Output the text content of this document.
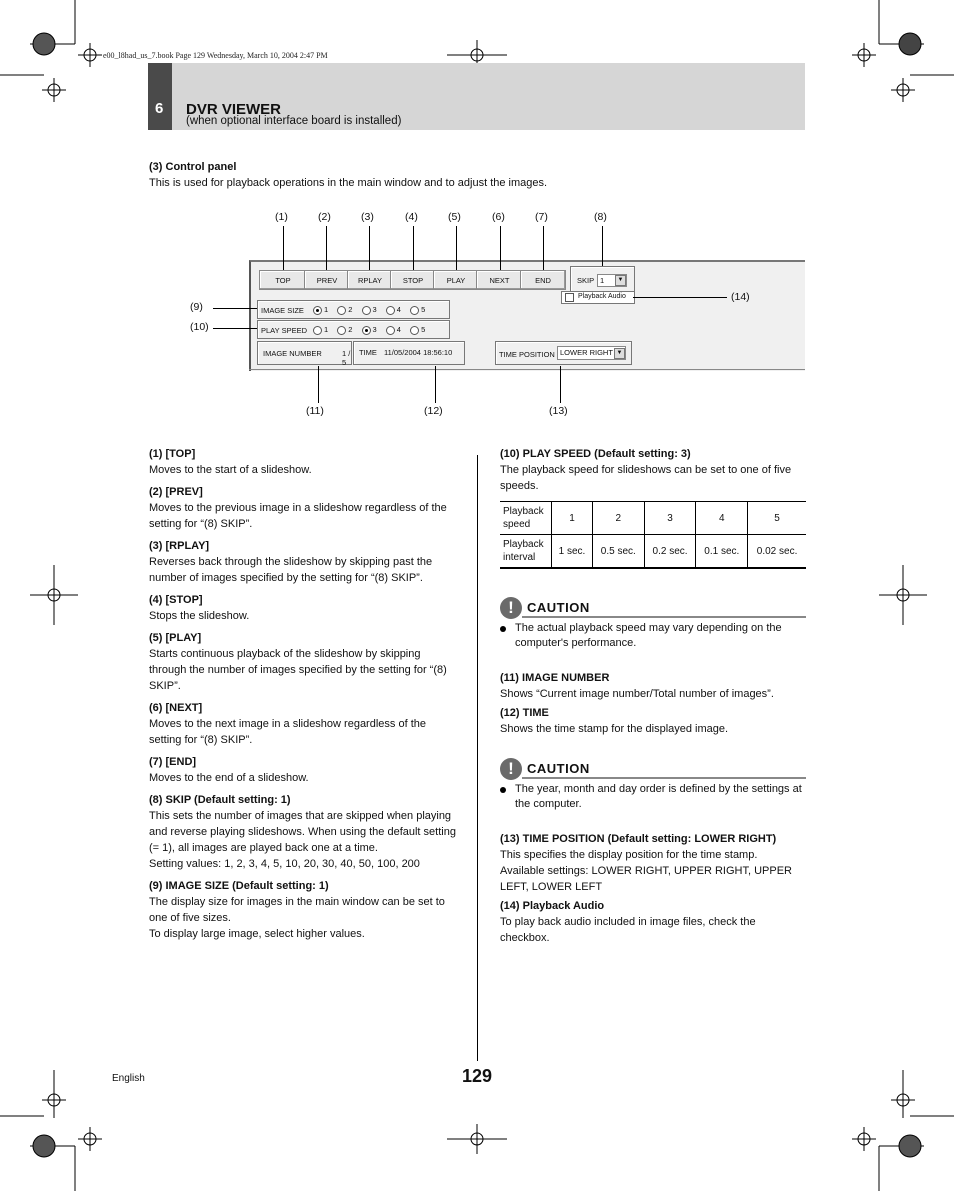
e00_l8had_us_7.book Page 129 Wednesday, March 10, 2004 2:47 PM
6 DVR VIEWER
(when optional interface board is installed)
(3) Control panel
This is used for playback operations in the main window and to adjust the images.
(1)	(2)	(3)	(4)	(5)	(6)	(7)	(8)
TOP	PREV	RPLAY	STOP	PLAY	NEXT	END	SKIP 1	▼
Playback Audio	(14)
IMAGE SIZE	1	2	3	4	5
PLAY SPEED	1	2	3	4	5
(9)
(10)
IMAGE NUMBER	1 / 5
TIME 11/05/2004 18:56:10	TIME POSITION LOWER RIGHT ▼
(11)	(12)	(13)
(1) [TOP]
Moves to the start of a slideshow.
(2) [PREV]
Moves to the previous image in a slideshow regardless of the setting for “(8) SKIP”.
(3) [RPLAY]
Reverses back through the slideshow by skipping past the number of images specified by the setting for “(8) SKIP”.
(4) [STOP]
Stops the slideshow.
(5) [PLAY]
Starts continuous playback of the slideshow by skipping through the number of images specified by the setting for “(8) SKIP”.
(6) [NEXT]
Moves to the next image in a slideshow regardless of the setting for “(8) SKIP”.
(7) [END]
Moves to the end of a slideshow.
(8) SKIP (Default setting: 1)
This sets the number of images that are skipped when playing and reverse playing slideshows. When using the default setting (= 1), all images are played back one at a time.
Setting values: 1, 2, 3, 4, 5, 10, 20, 30, 40, 50, 100, 200
(9) IMAGE SIZE (Default setting: 1)
The display size for images in the main window can be set to one of five sizes.
To display large image, select higher values.
(10) PLAY SPEED (Default setting: 3)
The playback speed for slideshows can be set to one of five speeds.
Playback speed	1	2	3	4	5
Playback interval	1 sec.	0.5 sec.	0.2 sec.	0.1 sec.	0.02 sec.
!	CAUTION
The actual playback speed may vary depending on the computer's performance.
(11) IMAGE NUMBER
Shows “Current image number/Total number of images”.
(12) TIME
Shows the time stamp for the displayed image.
!	CAUTION
The year, month and day order is defined by the settings at the computer.
(13) TIME POSITION (Default setting: LOWER RIGHT)
This specifies the display position for the time stamp.
Available settings: LOWER RIGHT, UPPER RIGHT, UPPER LEFT, LOWER LEFT
(14) Playback Audio
To play back audio included in image files, check the checkbox.
English	129
